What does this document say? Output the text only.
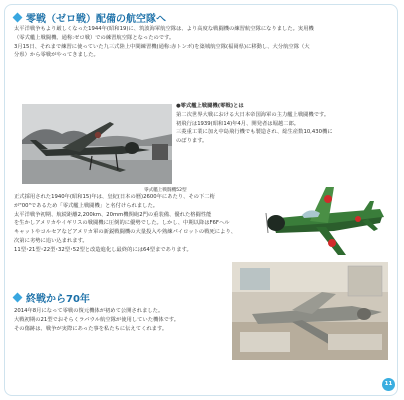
零戦（ゼロ戦）配備の航空隊へ
太平洋戦争もより厳しくなった1944年(昭和19)に、筑波海軍航空隊は、より高度な戦闘機の練習航空隊になりました。実用機
（零式艦上戦闘機、通称:ゼロ戦）での練習航空隊となったのです。
3月15日、それまで練習に使っていた九三式陸上中間練習機(通称:赤トンボ)を築城航空隊(福岡県)に移動し、大分航空隊（大
分県）から零戦がやってきました。
零式艦上戦闘機52型
●零式艦上戦闘機(零戦)とは
第二次世界大戦における大日本帝国海軍の主力艦上戦闘機です。
初飛行は1939(昭和14)年4月、開発者は堀越二郎。
三菱重工業に加え中島飛行機でも製造され、総生産数10,430機に
のぼります。
正式採用された1940年(昭和15)年は、皇紀(日本の暦)2600年にあたり、その下二桁
が"00"であるため「零式艦上戦闘機」と名付けられました。
太平洋戦争初期、航続距離2,200km、20mm機関砲2門の重装備、優れた格闘性能
を生かしアメリカやイギリスの戦闘機に圧倒的に優勢でした。しかし、中期以降はF6Fヘル
キャットやコルセアなどアメリカ軍の新鋭戦闘機の大量投入や熟練パイロットの戦死により、
次第に劣勢に追い込まれます。
11型･21型･22型･32型･52型と改造進化し最終的には64型まであります。
終戦から70年
2014年8月になって零戦の復元機体が初めて公開されました。
大戦初期の21型でおそらくラバウル航空隊が使用していた機体です。
その傷跡は、戦争が実際にあった事を私たちに伝えてくれます。
11
